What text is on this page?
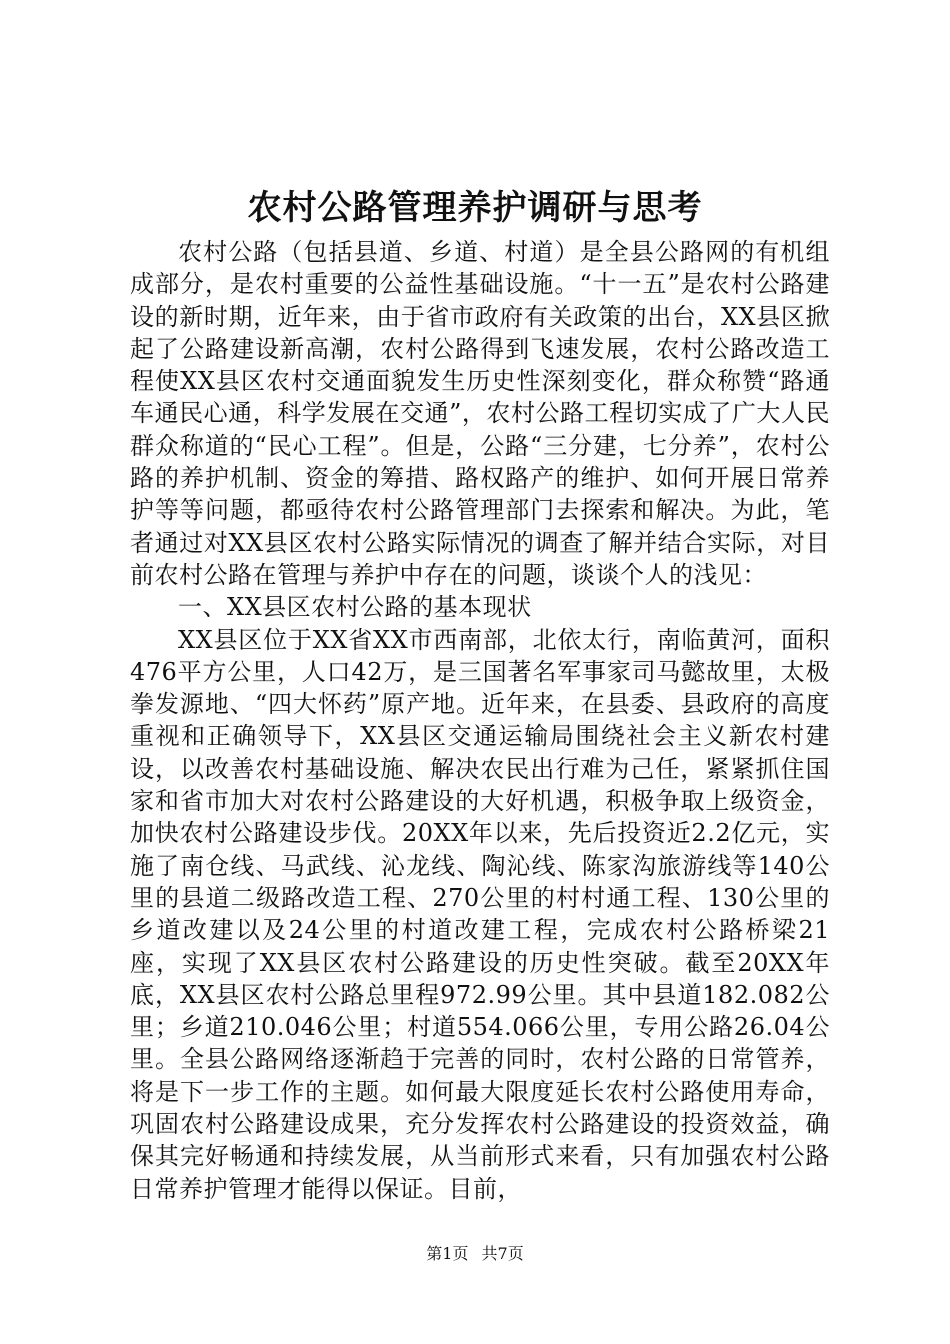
农村公路管理养护调研与思考

农村公路（包括县道、乡道、村道）是全县公路网的有机组成部分，是农村重要的公益性基础设施。“十一五”是农村公路建设的新时期，近年来，由于省市政府有关政策的出台，XX县区掀起了公路建设新高潮，农村公路得到飞速发展，农村公路改造工程使XX县区农村交通面貌发生历史性深刻变化，群众称赞“路通车通民心通，科学发展在交通”，农村公路工程切实成了广大人民群众称道的“民心工程”。但是，公路“三分建，七分养”，农村公路的养护机制、资金的筹措、路权路产的维护、如何开展日常养护等等问题，都亟待农村公路管理部门去探索和解决。为此，笔者通过对XX县区农村公路实际情况的调查了解并结合实际，对目前农村公路在管理与养护中存在的问题，谈谈个人的浅见：

一、XX县区农村公路的基本现状

XX县区位于XX省XX市西南部，北依太行，南临黄河，面积476平方公里，人口42万，是三国著名军事家司马懿故里，太极拳发源地、“四大怀药”原产地。近年来，在县委、县政府的高度重视和正确领导下，XX县区交通运输局围绕社会主义新农村建设，以改善农村基础设施、解决农民出行难为己任，紧紧抓住国家和省市加大对农村公路建设的大好机遇，积极争取上级资金，加快农村公路建设步伐。20XX年以来，先后投资近2.2亿元，实施了南仓线、马武线、沁龙线、陶沁线、陈家沟旅游线等140公里的县道二级路改造工程、270公里的村村通工程、130公里的乡道改建以及24公里的村道改建工程，完成农村公路桥梁21座，实现了XX县区农村公路建设的历史性突破。截至20XX年底，XX县区农村公路总里程972.99公里。其中县道182.082公里；乡道210.046公里；村道554.066公里，专用公路26.04公里。全县公路网络逐渐趋于完善的同时，农村公路的日常管养，将是下一步工作的主题。如何最大限度延长农村公路使用寿命，巩固农村公路建设成果，充分发挥农村公路建设的投资效益，确保其完好畅通和持续发展，从当前形式来看，只有加强农村公路日常养护管理才能得以保证。目前，

第1页 共7页
